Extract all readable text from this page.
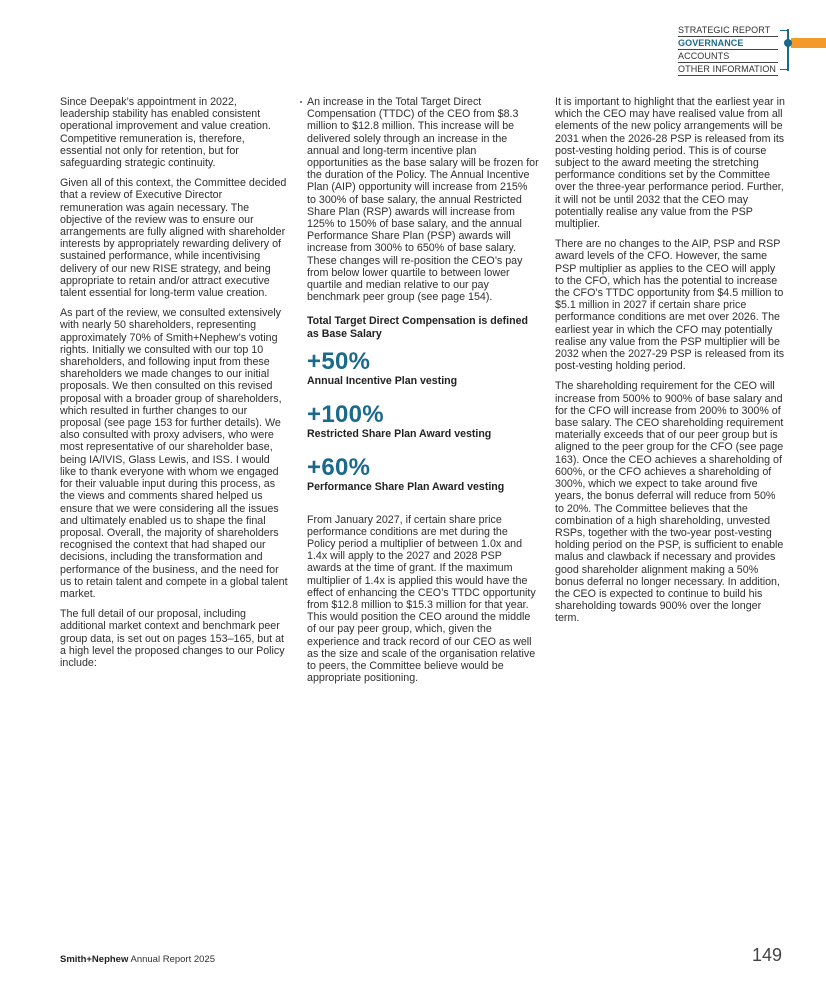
STRATEGIC REPORT
GOVERNANCE
ACCOUNTS
OTHER INFORMATION

Since Deepak’s appointment in 2022, leadership stability has enabled consistent operational improvement and value creation. Competitive remuneration is, therefore, essential not only for retention, but for safeguarding strategic continuity.

Given all of this context, the Committee decided that a review of Executive Director remuneration was again necessary. The objective of the review was to ensure our arrangements are fully aligned with shareholder interests by appropriately rewarding delivery of sustained performance, while incentivising delivery of our new RISE strategy, and being appropriate to retain and/or attract executive talent essential for long-term value creation.

As part of the review, we consulted extensively with nearly 50 shareholders, representing approximately 70% of Smith+Nephew’s voting rights. Initially we consulted with our top 10 shareholders, and following input from these shareholders we made changes to our initial proposals. We then consulted on this revised proposal with a broader group of shareholders, which resulted in further changes to our proposal (see page 153 for further details). We also consulted with proxy advisers, who were most representative of our shareholder base, being IA/IVIS, Glass Lewis, and ISS. I would like to thank everyone with whom we engaged for their valuable input during this process, as the views and comments shared helped us ensure that we were considering all the issues and ultimately enabled us to shape the final proposal. Overall, the majority of shareholders recognised the context that had shaped our decisions, including the transformation and performance of the business, and the need for us to retain talent and compete in a global talent market.

The full detail of our proposal, including additional market context and benchmark peer group data, is set out on pages 153–165, but at a high level the proposed changes to our Policy include:

An increase in the Total Target Direct Compensation (TTDC) of the CEO from $8.3 million to $12.8 million. This increase will be delivered solely through an increase in the annual and long-term incentive plan opportunities as the base salary will be frozen for the duration of the Policy. The Annual Incentive Plan (AIP) opportunity will increase from 215% to 300% of base salary, the annual Restricted Share Plan (RSP) awards will increase from 125% to 150% of base salary, and the annual Performance Share Plan (PSP) awards will increase from 300% to 650% of base salary. These changes will re-position the CEO’s pay from below lower quartile to between lower quartile and median relative to our pay benchmark peer group (see page 154).

Total Target Direct Compensation is defined as Base Salary
+50%
Annual Incentive Plan vesting
+100%
Restricted Share Plan Award vesting
+60%
Performance Share Plan Award vesting

From January 2027, if certain share price performance conditions are met during the Policy period a multiplier of between 1.0x and 1.4x will apply to the 2027 and 2028 PSP awards at the time of grant. If the maximum multiplier of 1.4x is applied this would have the effect of enhancing the CEO’s TTDC opportunity from $12.8 million to $15.3 million for that year. This would position the CEO around the middle of our pay peer group, which, given the experience and track record of our CEO as well as the size and scale of the organisation relative to peers, the Committee believe would be appropriate positioning.

It is important to highlight that the earliest year in which the CEO may have realised value from all elements of the new policy arrangements will be 2031 when the 2026-28 PSP is released from its post-vesting holding period. This is of course subject to the award meeting the stretching performance conditions set by the Committee over the three-year performance period. Further, it will not be until 2032 that the CEO may potentially realise any value from the PSP multiplier.

There are no changes to the AIP, PSP and RSP award levels of the CFO. However, the same PSP multiplier as applies to the CEO will apply to the CFO, which has the potential to increase the CFO’s TTDC opportunity from $4.5 million to $5.1 million in 2027 if certain share price performance conditions are met over 2026. The earliest year in which the CFO may potentially realise any value from the PSP multiplier will be 2032 when the 2027-29 PSP is released from its post-vesting holding period.

The shareholding requirement for the CEO will increase from 500% to 900% of base salary and for the CFO will increase from 200% to 300% of base salary. The CEO shareholding requirement materially exceeds that of our peer group but is aligned to the peer group for the CFO (see page 163). Once the CEO achieves a shareholding of 600%, or the CFO achieves a shareholding of 300%, which we expect to take around five years, the bonus deferral will reduce from 50% to 20%. The Committee believes that the combination of a high shareholding, unvested RSPs, together with the two-year post-vesting holding period on the PSP, is sufficient to enable malus and clawback if necessary and provides good shareholder alignment making a 50% bonus deferral no longer necessary. In addition, the CEO is expected to continue to build his shareholding towards 900% over the longer term.

Smith+Nephew Annual Report 2025	149
